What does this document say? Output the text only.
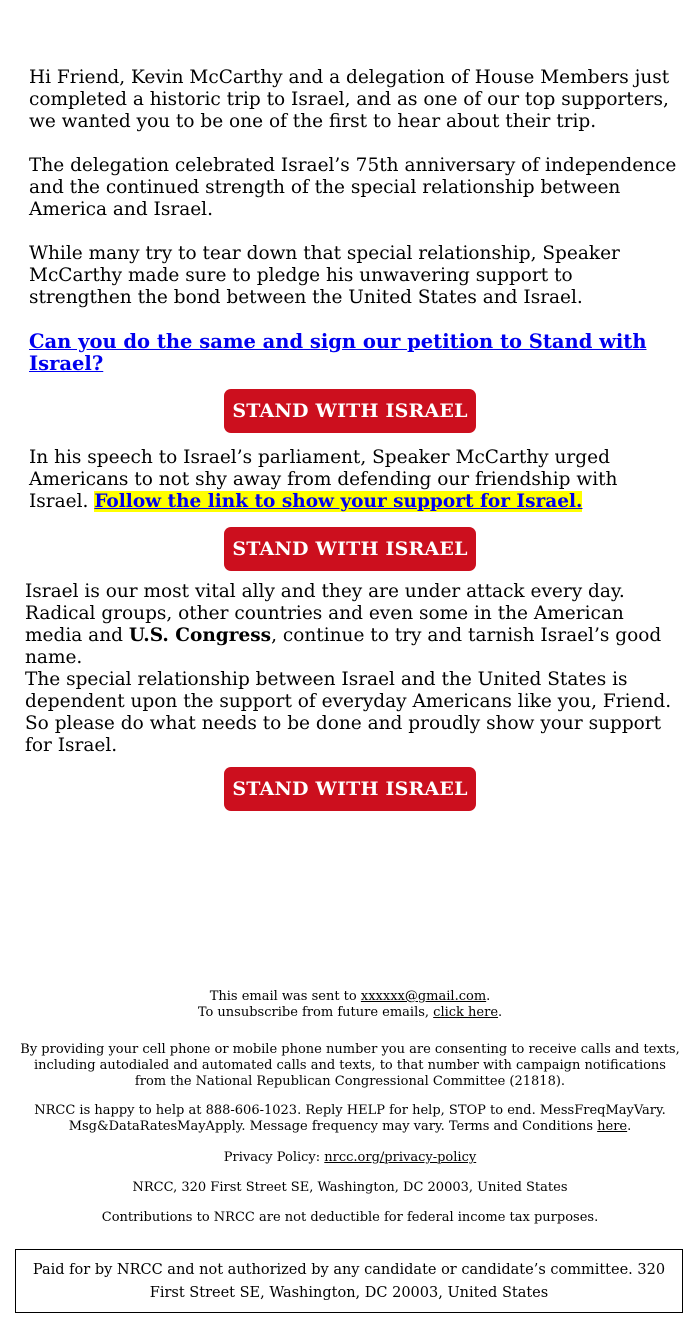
Hi Friend, Kevin McCarthy and a delegation of House Members just completed a historic trip to Israel, and as one of our top supporters, we wanted you to be one of the first to hear about their trip.

The delegation celebrated Israel’s 75th anniversary of independence and the continued strength of the special relationship between America and Israel.

While many try to tear down that special relationship, Speaker McCarthy made sure to pledge his unwavering support to strengthen the bond between the United States and Israel.

Can you do the same and sign our petition to Stand with Israel?

STAND WITH ISRAEL

In his speech to Israel’s parliament, Speaker McCarthy urged Americans to not shy away from defending our friendship with Israel. Follow the link to show your support for Israel.

STAND WITH ISRAEL

Israel is our most vital ally and they are under attack every day. Radical groups, other countries and even some in the American media and U.S. Congress, continue to try and tarnish Israel’s good name.

The special relationship between Israel and the United States is dependent upon the support of everyday Americans like you, Friend. So please do what needs to be done and proudly show your support for Israel.

STAND WITH ISRAEL

This email was sent to xxxxxx@gmail.com.
To unsubscribe from future emails, click here.

By providing your cell phone or mobile phone number you are consenting to receive calls and texts, including autodialed and automated calls and texts, to that number with campaign notifications from the National Republican Congressional Committee (21818).

NRCC is happy to help at 888-606-1023. Reply HELP for help, STOP to end. MessFreqMayVary. Msg&DataRatesMayApply. Message frequency may vary. Terms and Conditions here.

Privacy Policy: nrcc.org/privacy-policy

NRCC, 320 First Street SE, Washington, DC 20003, United States

Contributions to NRCC are not deductible for federal income tax purposes.

Paid for by NRCC and not authorized by any candidate or candidate’s committee. 320 First Street SE, Washington, DC 20003, United States
